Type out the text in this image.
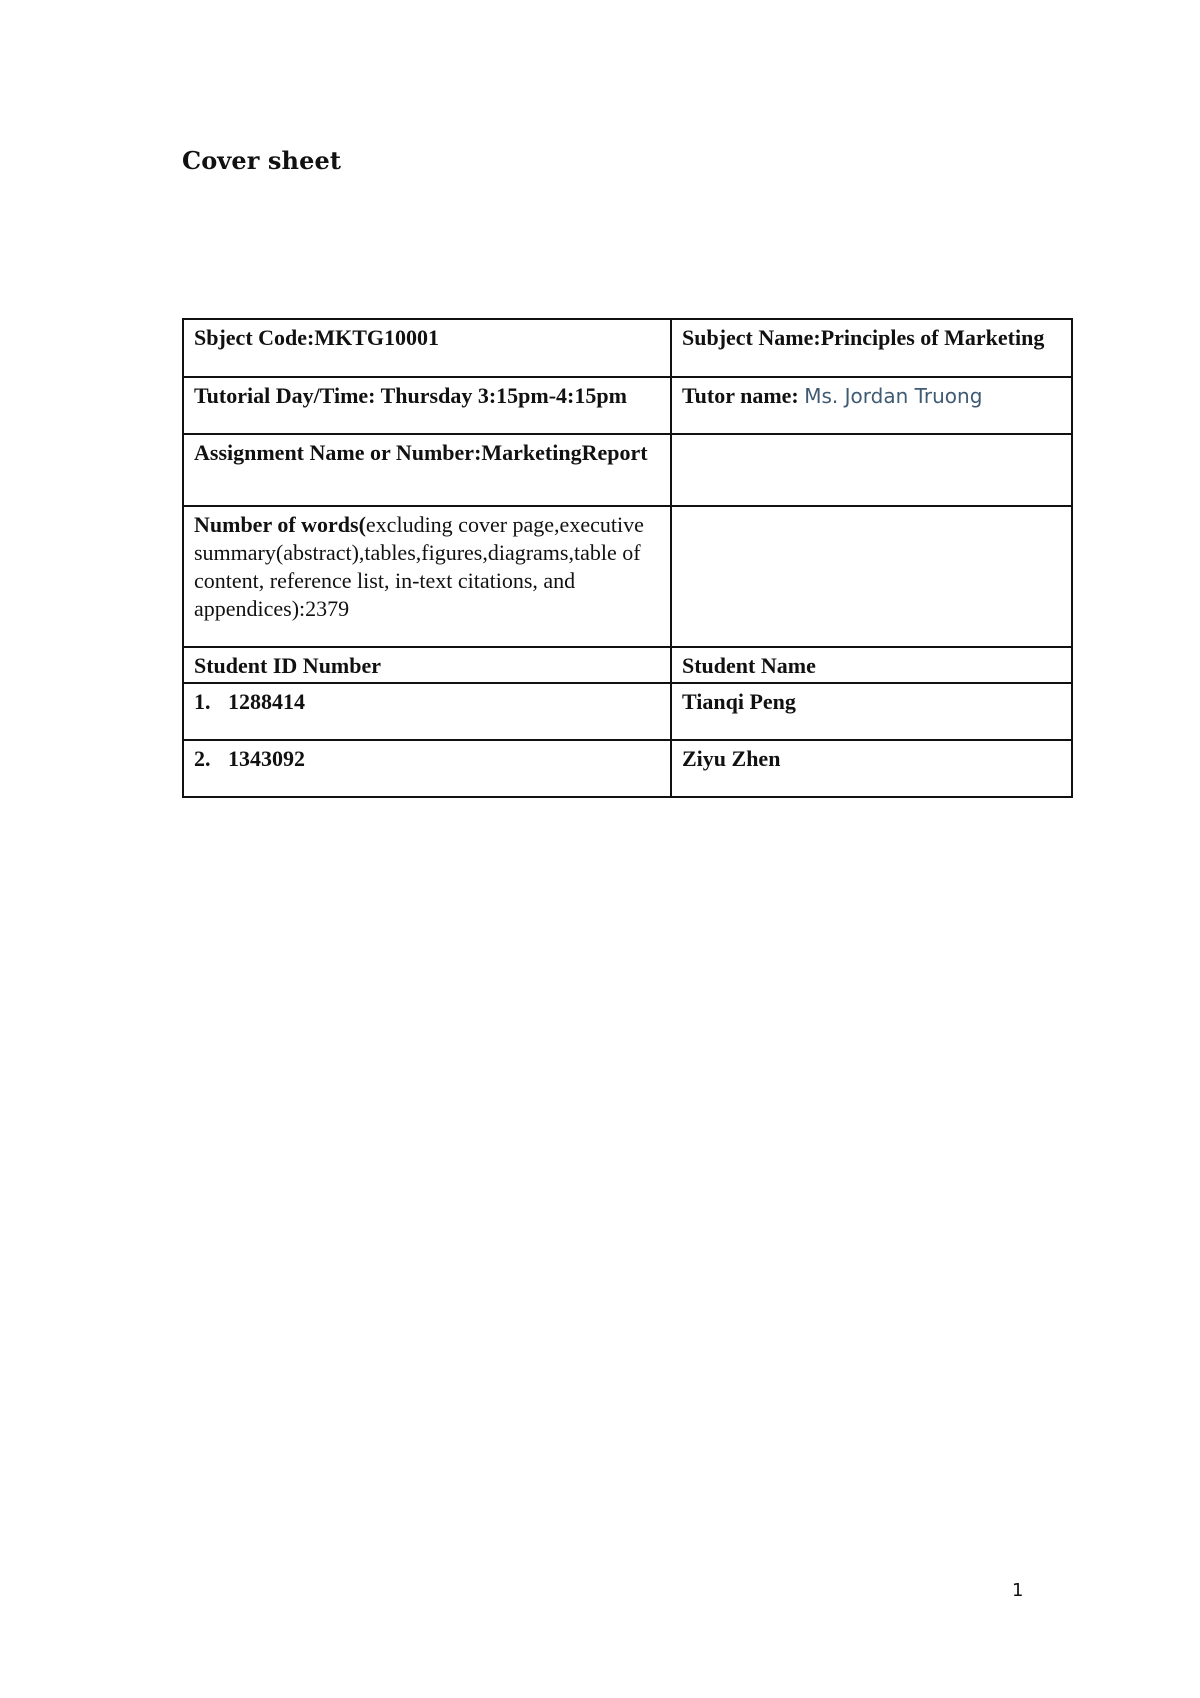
Cover sheet
Sbject Code:MKTG10001	Subject Name:Principles of Marketing
Tutorial Day/Time: Thursday 3:15pm-4:15pm	Tutor name: Ms. Jordan Truong
Assignment Name or Number:MarketingReport	
Number of words(excluding cover page,executive summary(abstract),tables,figures,diagrams,table of content, reference list, in-text citations, and appendices):2379	
Student ID Number	Student Name
1. 1288414	Tianqi Peng
2. 1343092	Ziyu Zhen
1
